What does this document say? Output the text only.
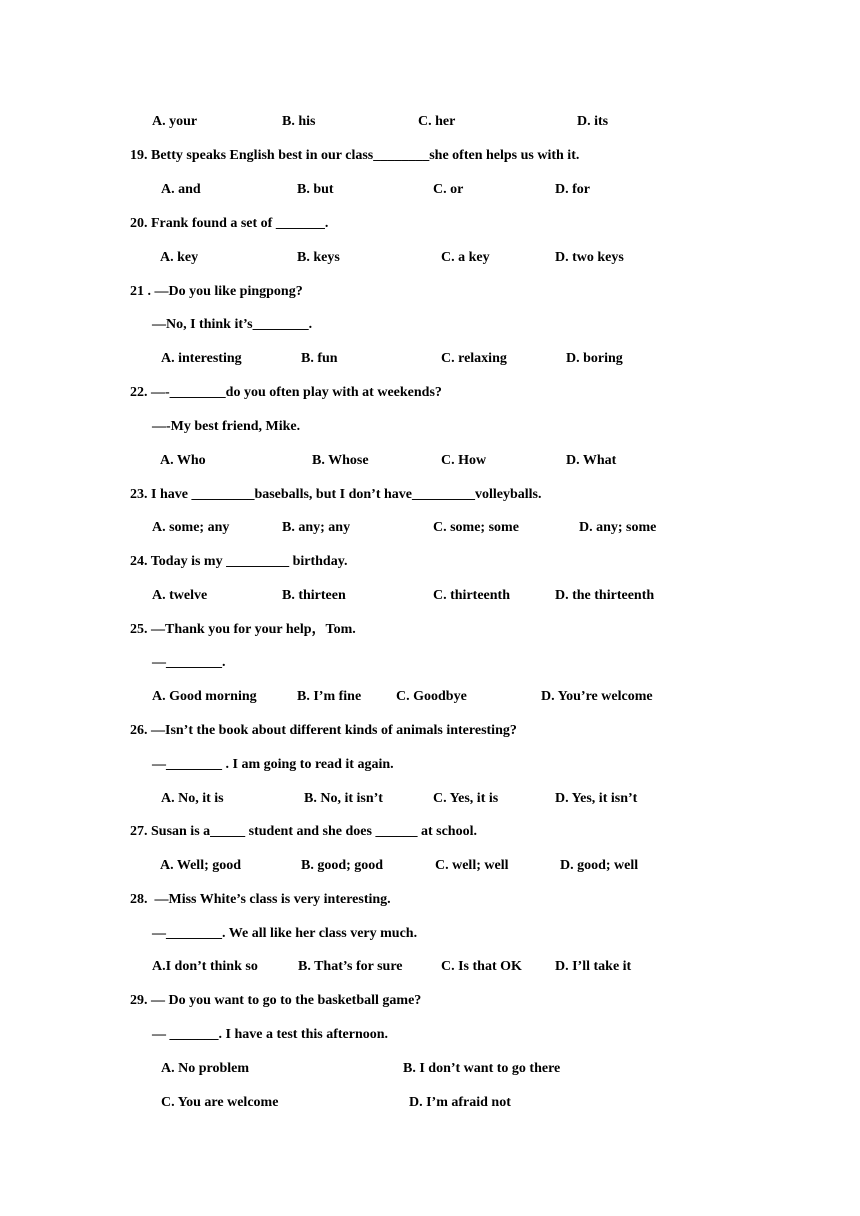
A. your	B. his	C. her	D. its
19. Betty speaks English best in our class________she often helps us with it.
A. and	B. but	C. or	D. for
20. Frank found a set of _______.
A. key	B. keys	C. a key	D. two keys
21 . —Do you like pingpong?
—No, I think it’s________.
A. interesting	B. fun	C. relaxing	D. boring
22. —-________do you often play with at weekends?
—-My best friend, Mike.
A. Who	B. Whose	C. How	D. What
23. I have _________baseballs, but I don’t have_________volleyballs.
A. some; any	B. any; any	C. some; some	D. any; some
24. Today is my _________ birthday.
A. twelve	B. thirteen	C. thirteenth	D. the thirteenth
25. —Thank you for your help，Tom.
—________.
A. Good morning	B. I’m fine C. Goodbye	D. You’re welcome
26. —Isn’t the book about different kinds of animals interesting?
—________ . I am going to read it again.
A. No, it is	B. No, it isn’t	C. Yes, it is	D. Yes, it isn’t
27. Susan is a_____ student and she does ______ at school.
A. Well; good	B. good; good	C. well; well	D. good; well
28.  —Miss White’s class is very interesting.
—________. We all like her class very much.
A.I don’t think so	B. That’s for sure	C. Is that OK D. I’ll take it
29. — Do you want to go to the basketball game?
— _______. I have a test this afternoon.
A. No problem	B. I don’t want to go there
C. You are welcome	D. I’m afraid not
